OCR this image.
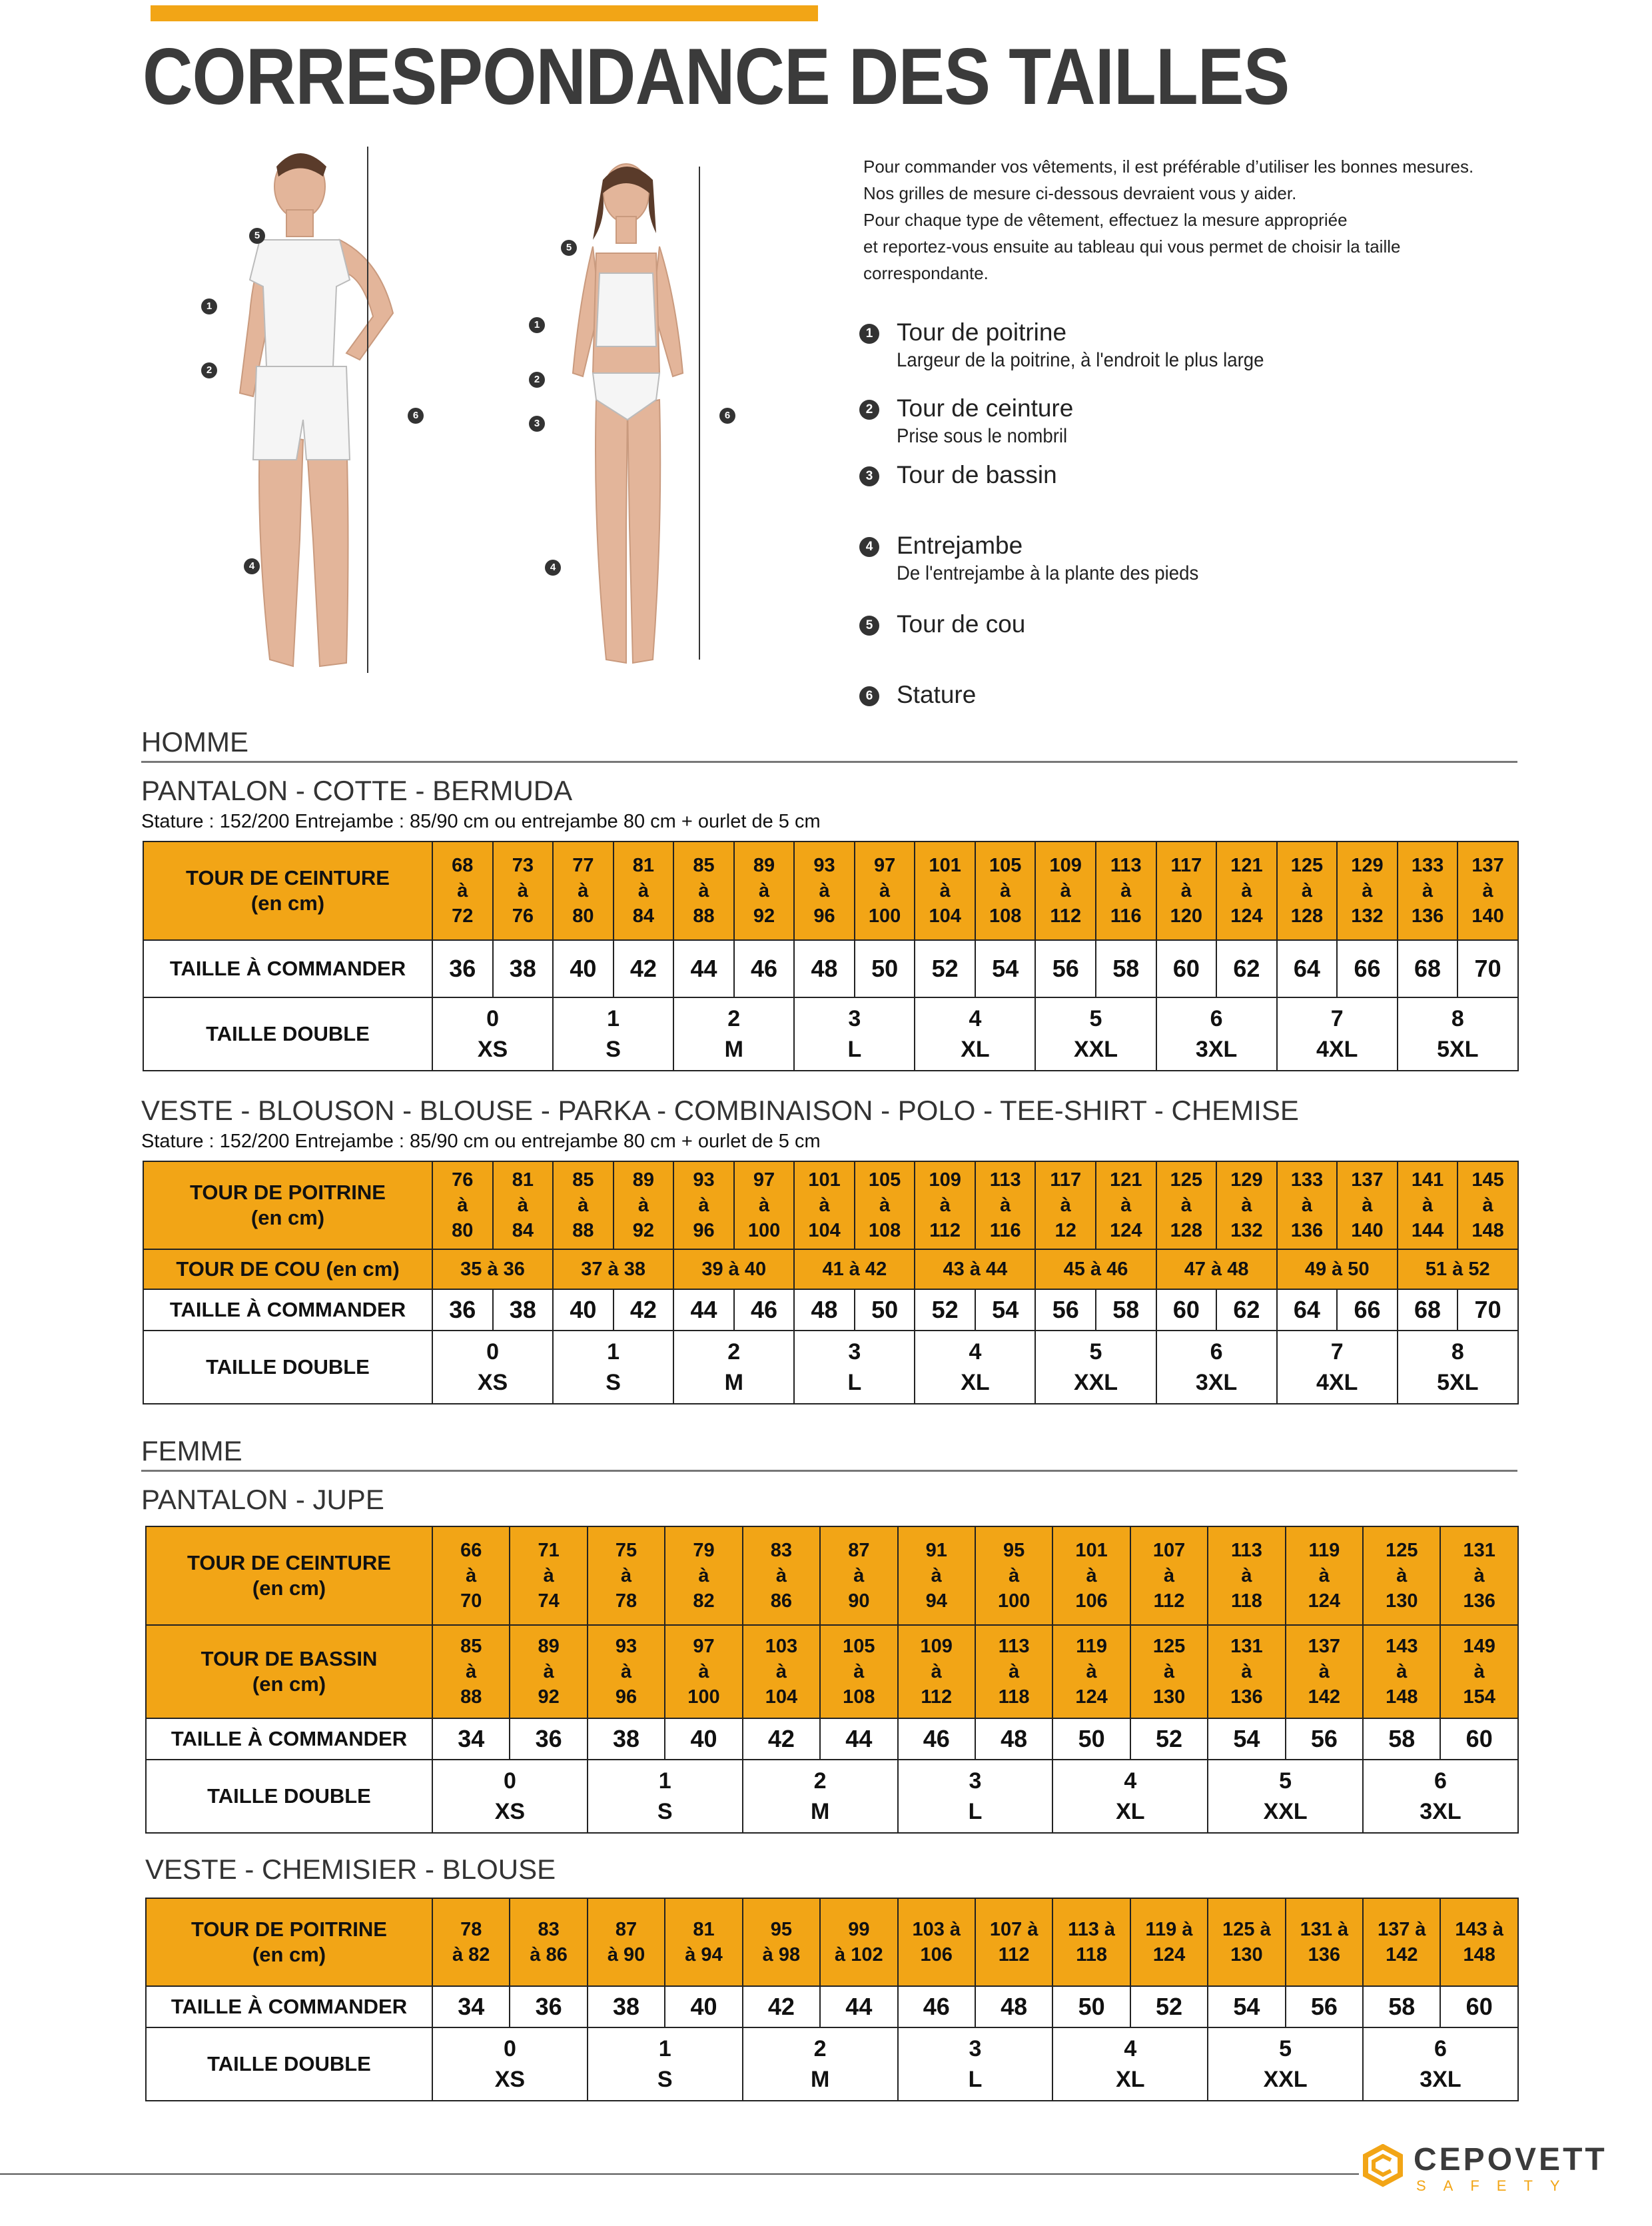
CORRESPONDANCE DES TAILLES
5
1
2
6
4
5
1
2
3
6
4
Pour commander vos vêtements, il est préférable d’utiliser les bonnes mesures.
Nos grilles de mesure ci-dessous devraient vous y aider.
Pour chaque type de vêtement, effectuez la mesure appropriée
et reportez-vous ensuite au tableau qui vous permet de choisir la taille
correspondante.
1 Tour de poitrine
Largeur de la poitrine, à l'endroit le plus large
2 Tour de ceinture
Prise sous le nombril
3 Tour de bassin
4 Entrejambe
De l'entrejambe à la plante des pieds
5 Tour de cou
6 Stature
HOMME
PANTALON - COTTE - BERMUDA
Stature : 152/200 Entrejambe : 85/90 cm ou entrejambe 80 cm + ourlet de 5 cm
TOUR DE CEINTURE
(en cm)	68
à
72	73
à
76	77
à
80	81
à
84	85
à
88	89
à
92	93
à
96	97
à
100	101
à
104	105
à
108	109
à
112	113
à
116	117
à
120	121
à
124	125
à
128	129
à
132	133
à
136	137
à
140
TAILLE À COMMANDER	36	38	40	42	44	46	48	50	52	54	56	58	60	62	64	66	68	70
TAILLE DOUBLE	0
XS		1
S		2
M		3
L		4
XL		5
XXL		6
3XL		7
4XL		8
5XL	
VESTE - BLOUSON - BLOUSE - PARKA - COMBINAISON - POLO - TEE-SHIRT - CHEMISE
Stature : 152/200 Entrejambe : 85/90 cm ou entrejambe 80 cm + ourlet de 5 cm
TOUR DE POITRINE
(en cm)	76
à
80	81
à
84	85
à
88	89
à
92	93
à
96	97
à
100	101
à
104	105
à
108	109
à
112	113
à
116	117
à
12	121
à
124	125
à
128	129
à
132	133
à
136	137
à
140	141
à
144	145
à
148
TOUR DE COU (en cm)	35 à 36		37 à 38		39 à 40		41 à 42		43 à 44		45 à 46		47 à 48		49 à 50		51 à 52	
TAILLE À COMMANDER	36	38	40	42	44	46	48	50	52	54	56	58	60	62	64	66	68	70
TAILLE DOUBLE	0
XS		1
S		2
M		3
L		4
XL		5
XXL		6
3XL		7
4XL		8
5XL	
FEMME
PANTALON - JUPE
TOUR DE CEINTURE
(en cm)	66
à
70	71
à
74	75
à
78	79
à
82	83
à
86	87
à
90	91
à
94	95
à
100	101
à
106	107
à
112	113
à
118	119
à
124	125
à
130	131
à
136
TOUR DE BASSIN
(en cm)	85
à
88	89
à
92	93
à
96	97
à
100	103
à
104	105
à
108	109
à
112	113
à
118	119
à
124	125
à
130	131
à
136	137
à
142	143
à
148	149
à
154
TAILLE À COMMANDER	34	36	38	40	42	44	46	48	50	52	54	56	58	60
TAILLE DOUBLE	0
XS		1
S		2
M		3
L		4
XL		5
XXL		6
3XL	
VESTE - CHEMISIER - BLOUSE
TOUR DE POITRINE
(en cm)	78
à 82	83
à 86	87
à 90	81
à 94	95
à 98	99
à 102	103 à
106	107 à
112	113 à
118	119 à
124	125 à
130	131 à
136	137 à
142	143 à
148
TAILLE À COMMANDER	34	36	38	40	42	44	46	48	50	52	54	56	58	60
TAILLE DOUBLE	0
XS		1
S		2
M		3
L		4
XL		5
XXL		6
3XL	
CEPOVETT
SAFETY
